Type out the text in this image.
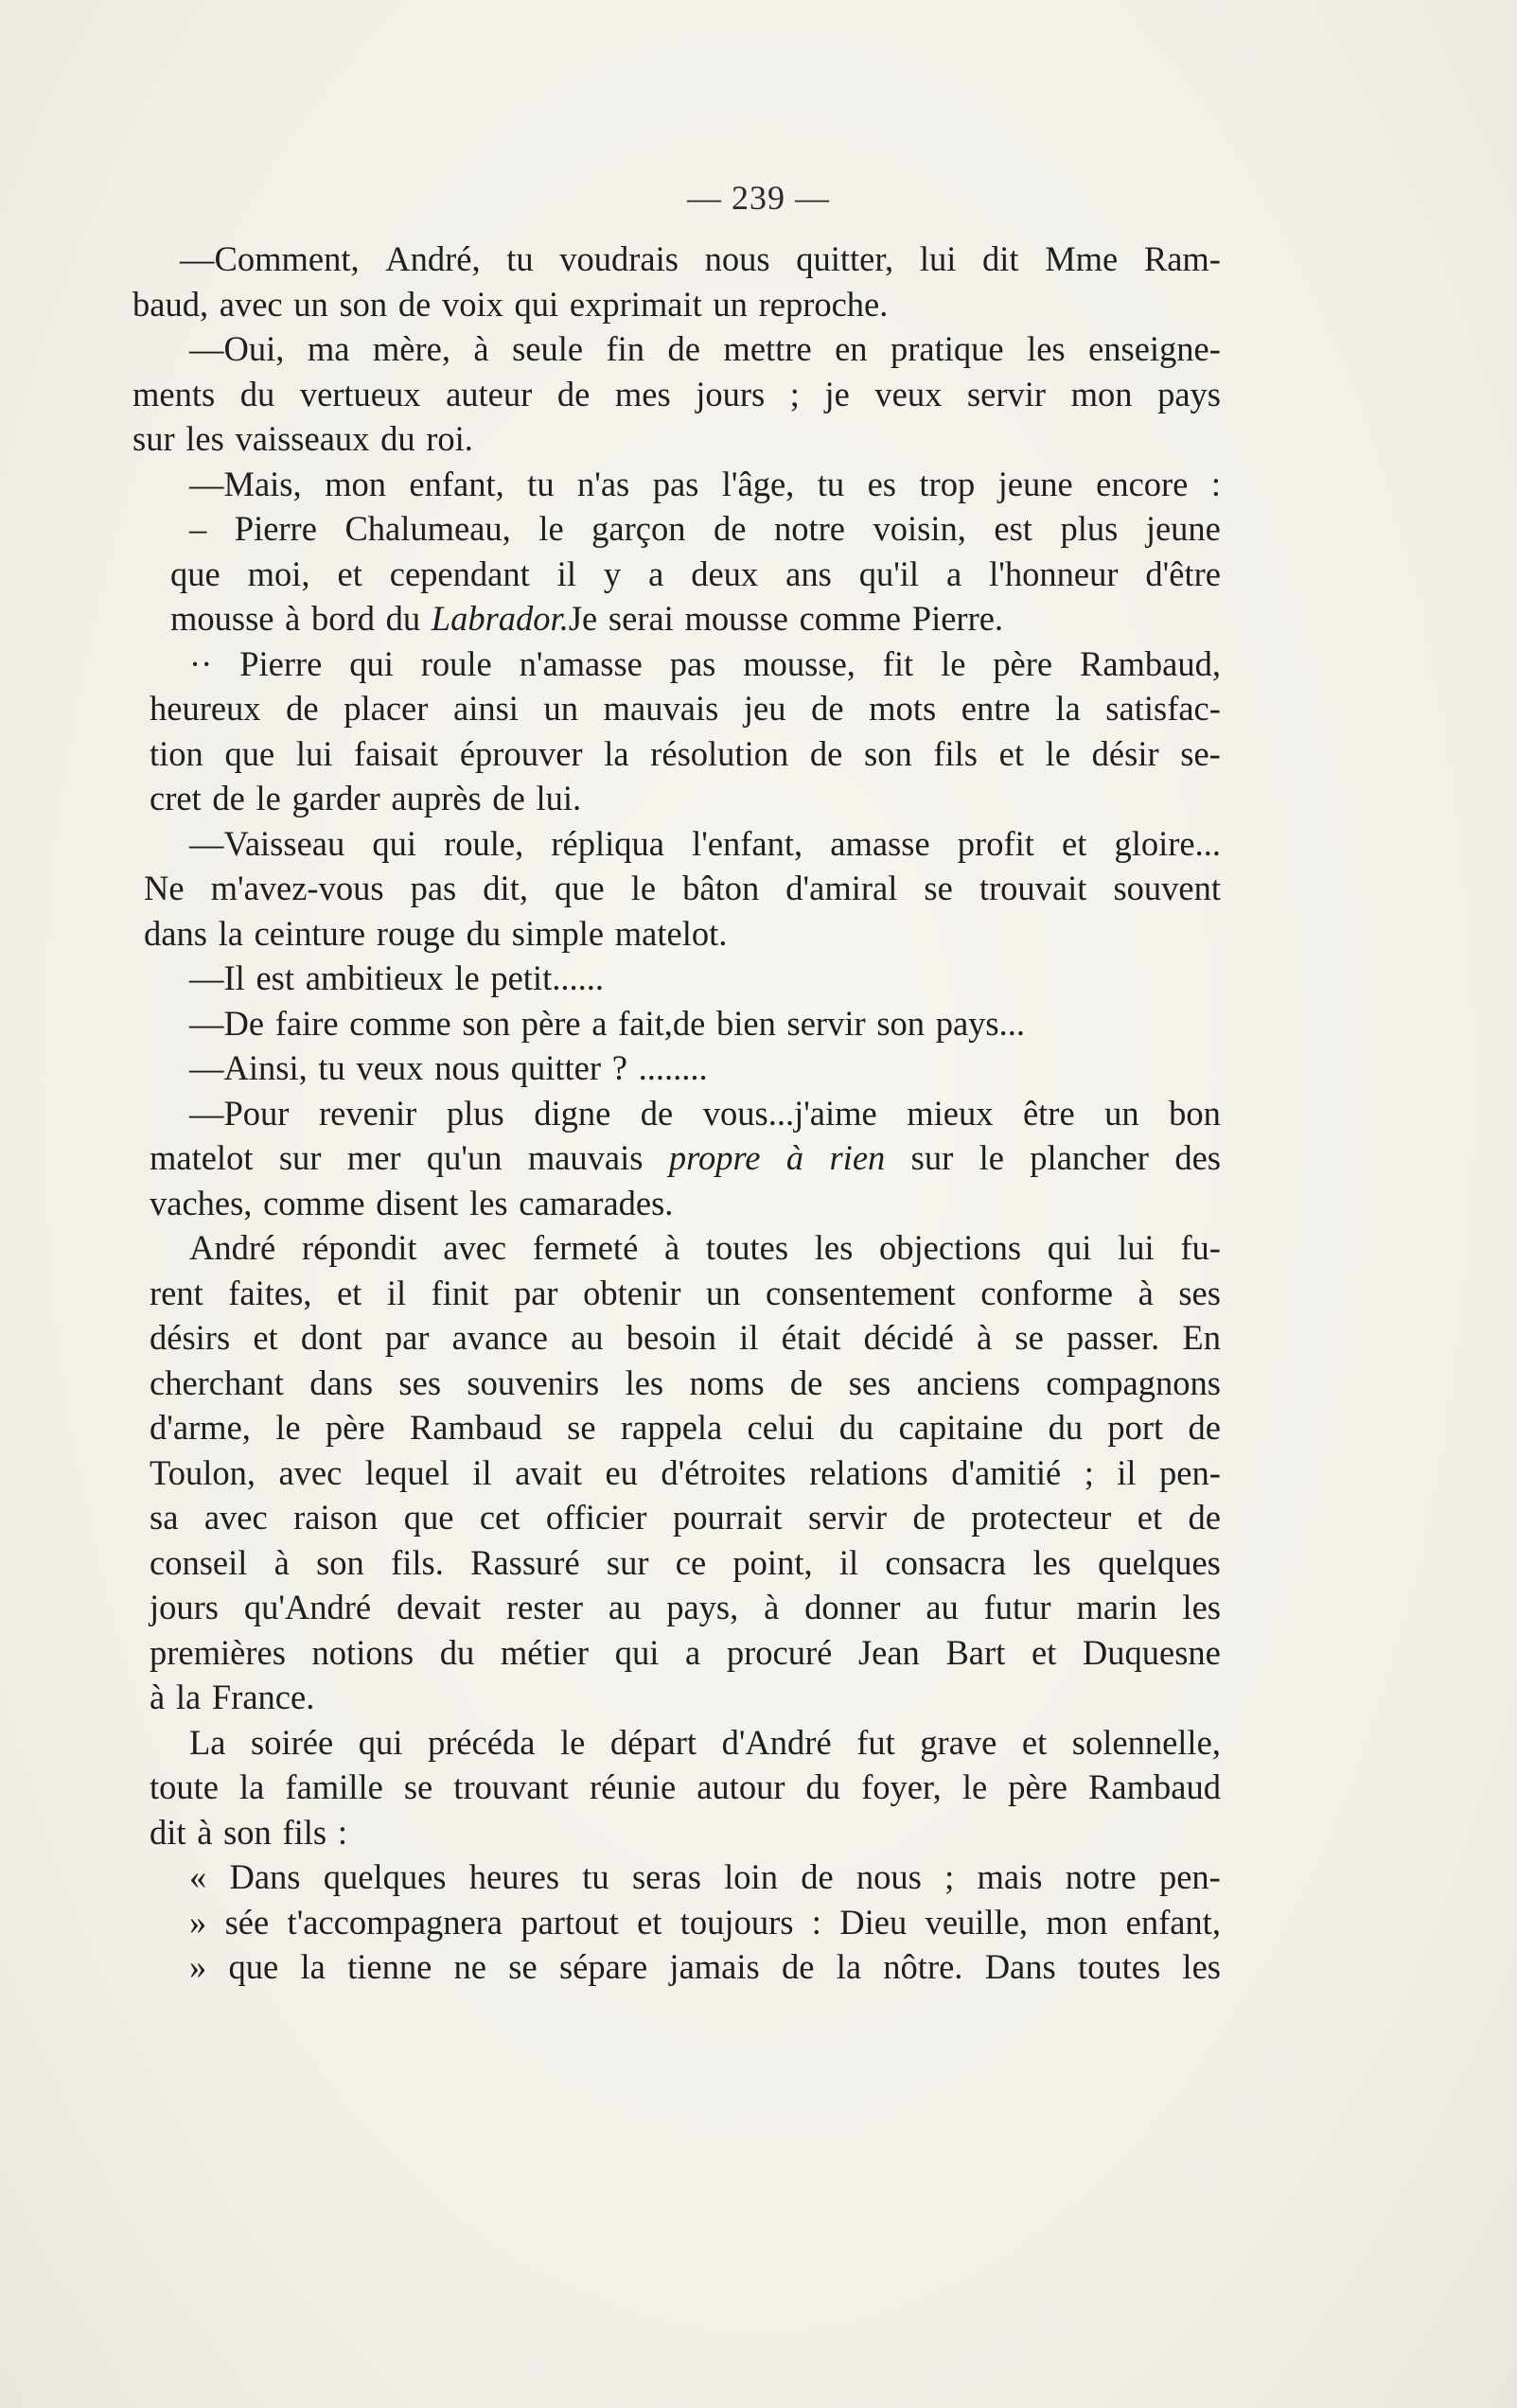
— 239 —
—Comment, André, tu voudrais nous quitter, lui dit Mme Ram-
baud, avec un son de voix qui exprimait un reproche.
—Oui, ma mère, à seule fin de mettre en pratique les enseigne-
ments du vertueux auteur de mes jours ; je veux servir mon pays
sur les vaisseaux du roi.
—Mais, mon enfant, tu n'as pas l'âge, tu es trop jeune encore :
– Pierre Chalumeau, le garçon de notre voisin, est plus jeune
que moi, et cependant il y a deux ans qu'il a l'honneur d'être
mousse à bord du Labrador. Je serai mousse comme Pierre.
·· Pierre qui roule n'amasse pas mousse, fit le père Rambaud,
heureux de placer ainsi un mauvais jeu de mots entre la satisfac-
tion que lui faisait éprouver la résolution de son fils et le désir se-
cret de le garder auprès de lui.
—Vaisseau qui roule, répliqua l'enfant, amasse profit et gloire...
Ne m'avez-vous pas dit, que le bâton d'amiral se trouvait souvent
dans la ceinture rouge du simple matelot.
—Il est ambitieux le petit......
—De faire comme son père a fait,de bien servir son pays...
—Ainsi, tu veux nous quitter ? ........
—Pour revenir plus digne de vous...j'aime mieux être un bon
matelot sur mer qu'un mauvais propre à rien sur le plancher des
vaches, comme disent les camarades.
André répondit avec fermeté à toutes les objections qui lui fu-
rent faites, et il finit par obtenir un consentement conforme à ses
désirs et dont par avance au besoin il était décidé à se passer. En
cherchant dans ses souvenirs les noms de ses anciens compagnons
d'arme, le père Rambaud se rappela celui du capitaine du port de
Toulon, avec lequel il avait eu d'étroites relations d'amitié ; il pen-
sa avec raison que cet officier pourrait servir de protecteur et de
conseil à son fils. Rassuré sur ce point, il consacra les quelques
jours qu'André devait rester au pays, à donner au futur marin les
premières notions du métier qui a procuré Jean Bart et Duquesne
à la France.
La soirée qui précéda le départ d'André fut grave et solennelle,
toute la famille se trouvant réunie autour du foyer, le père Rambaud
dit à son fils :
« Dans quelques heures tu seras loin de nous ; mais notre pen-
» sée t'accompagnera partout et toujours : Dieu veuille, mon enfant,
» que la tienne ne se sépare jamais de la nôtre. Dans toutes les
